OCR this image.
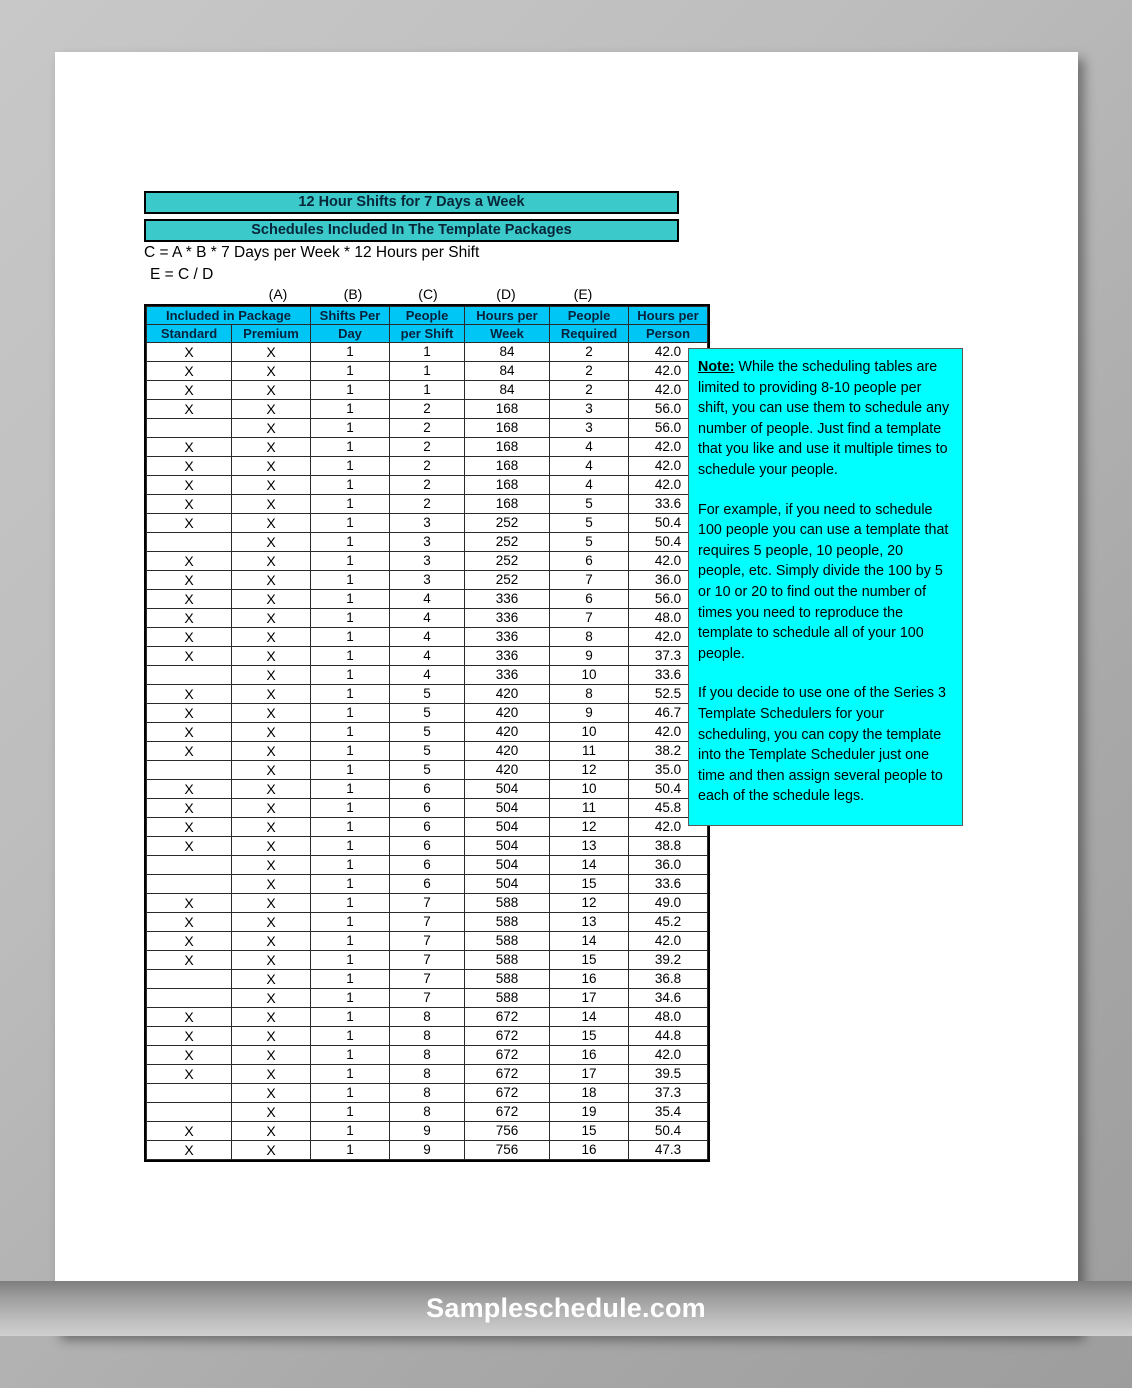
12 Hour Shifts for 7 Days a Week
Schedules Included In The Template Packages
C = A * B * 7 Days per Week * 12 Hours per Shift
E = C / D
(A)	(B)	(C)	(D)	(E)
Included in Package		Shifts Per	People	Hours per	People	Hours per
Standard	Premium	Day	per Shift	Week	Required	Person
X	X	1	1	84	2	42.0
X	X	1	1	84	2	42.0
X	X	1	1	84	2	42.0
X	X	1	2	168	3	56.0
	X	1	2	168	3	56.0
X	X	1	2	168	4	42.0
X	X	1	2	168	4	42.0
X	X	1	2	168	4	42.0
X	X	1	2	168	5	33.6
X	X	1	3	252	5	50.4
	X	1	3	252	5	50.4
X	X	1	3	252	6	42.0
X	X	1	3	252	7	36.0
X	X	1	4	336	6	56.0
X	X	1	4	336	7	48.0
X	X	1	4	336	8	42.0
X	X	1	4	336	9	37.3
	X	1	4	336	10	33.6
X	X	1	5	420	8	52.5
X	X	1	5	420	9	46.7
X	X	1	5	420	10	42.0
X	X	1	5	420	11	38.2
	X	1	5	420	12	35.0
X	X	1	6	504	10	50.4
X	X	1	6	504	11	45.8
X	X	1	6	504	12	42.0
X	X	1	6	504	13	38.8
	X	1	6	504	14	36.0
	X	1	6	504	15	33.6
X	X	1	7	588	12	49.0
X	X	1	7	588	13	45.2
X	X	1	7	588	14	42.0
X	X	1	7	588	15	39.2
	X	1	7	588	16	36.8
	X	1	7	588	17	34.6
X	X	1	8	672	14	48.0
X	X	1	8	672	15	44.8
X	X	1	8	672	16	42.0
X	X	1	8	672	17	39.5
	X	1	8	672	18	37.3
	X	1	8	672	19	35.4
X	X	1	9	756	15	50.4
X	X	1	9	756	16	47.3

Note: While the scheduling tables are limited to providing 8-10 people per shift, you can use them to schedule any number of people. Just find a template that you like and use it multiple times to schedule your people.

For example, if you need to schedule 100 people you can use a template that requires 5 people, 10 people, 20 people, etc. Simply divide the 100 by 5 or 10 or 20 to find out the number of times you need to reproduce the template to schedule all of your 100 people.

If you decide to use one of the Series 3 Template Schedulers for your scheduling, you can copy the template into the Template Scheduler just one time and then assign several people to each of the schedule legs.

Sampleschedule.com
